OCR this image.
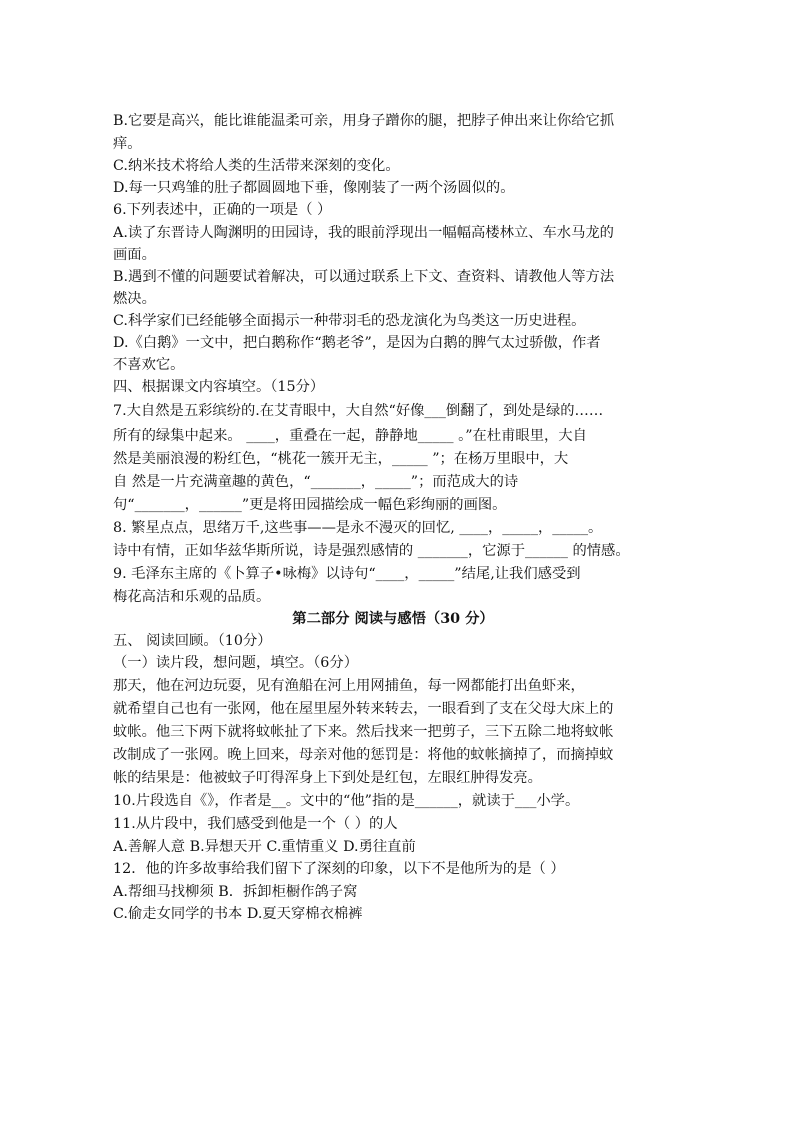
B.它要是高兴，能比谁能温柔可亲，用身子蹭你的腿，把脖子伸出来让你给它抓
痒。
C.纳米技术将给人类的生活带来深刻的变化。
D.每一只鸡雏的肚子都圆圆地下垂，像刚装了一两个汤圆似的。
6.下列表述中，正确的一项是（ ）
A.读了东晋诗人陶渊明的田园诗，我的眼前浮现出一幅幅高楼林立、车水马龙的
画面。
B.遇到不懂的问题要试着解决，可以通过联系上下文、查资料、请教他人等方法
燃决。
C.科学家们已经能够全面揭示一种带羽毛的恐龙演化为鸟类这一历史进程。
D.《白鹅》一文中，把白鹅称作“鹅老爷”，是因为白鹅的脾气太过骄傲，作者
不喜欢它。
四、根据课文内容填空。（15分）
7.大自然是五彩缤纷的.在艾青眼中，大自然“好像___倒翻了，到处是绿的……
所有的绿集中起来。 ____，重叠在一起，静静地_____ 。”在杜甫眼里，大自
然是美丽浪漫的粉红色，“桃花一簇开无主，_____ ”；在杨万里眼中，大
自 然是一片充满童趣的黄色，“_______，_____”；而范成大的诗
句“_______，______”更是将田园描绘成一幅色彩绚丽的画图。
8. 繁星点点，思绪万千,这些事——是永不漫灭的回忆, ____，_____，_____。
诗中有情，正如华兹华斯所说，诗是强烈感情的 _______，它源于______ 的情感。
9. 毛泽东主席的《卜算子•咏梅》以诗句“____，_____”结尾,让我们感受到
梅花高洁和乐观的品质。
第二部分 阅读与感悟（30 分）
五、 阅读回顾。（10分）
（一）读片段，想问题，填空。（6分）
那天，他在河边玩耍，见有渔船在河上用网捕鱼，每一网都能打出鱼虾来，
就希望自己也有一张网，他在屋里屋外转来转去，一眼看到了支在父母大床上的
蚊帐。他三下两下就将蚊帐扯了下来。然后找来一把剪子，三下五除二地将蚊帐
改制成了一张网。晚上回来，母亲对他的惩罚是：将他的蚊帐摘掉了，而摘掉蚊
帐的结果是：他被蚊子叮得浑身上下到处是红包，左眼红肿得发亮。
10.片段选自《》，作者是__。文中的“他”指的是______，就读于___小学。
11.从片段中，我们感受到他是一个（ ）的人
A.善解人意 B.异想天开 C.重情重义 D.勇往直前
12．他的许多故事给我们留下了深刻的印象，以下不是他所为的是（ ）
A.帮细马找柳须 B．拆卸柜橱作鸽子窝
C.偷走女同学的书本 D.夏天穿棉衣棉裤
